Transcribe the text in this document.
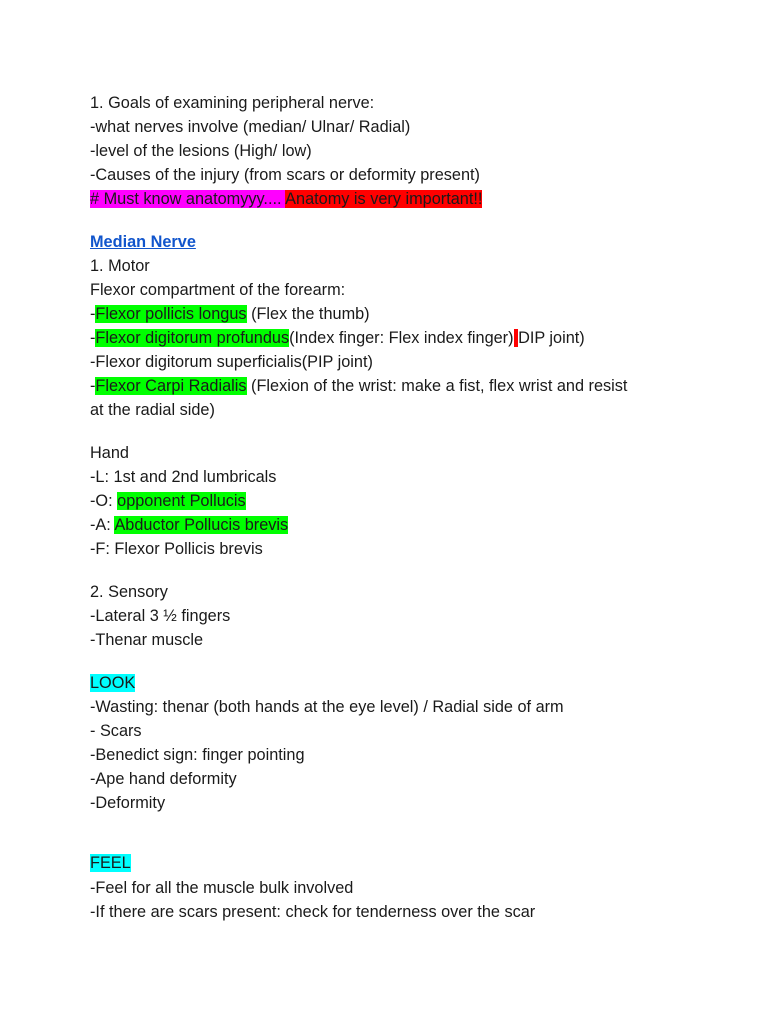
1. Goals of examining peripheral nerve:
-what nerves involve (median/ Ulnar/ Radial)
-level of the lesions (High/ low)
-Causes of the injury (from scars or deformity present)
# Must know anatomyyy.... Anatomy is very important!!
Median Nerve
1. Motor
Flexor compartment of the forearm:
-Flexor pollicis longus (Flex the thumb)
-Flexor digitorum profundus(Index finger: Flex index finger) DIP joint)
-Flexor digitorum superficialis(PIP joint)
-Flexor Carpi Radialis (Flexion of the wrist: make a fist, flex wrist and resist
at the radial side)
Hand
-L: 1st and 2nd lumbricals
-O: opponent Pollucis
-A: Abductor Pollucis brevis
-F: Flexor Pollicis brevis
2. Sensory
-Lateral 3 ½ fingers
-Thenar muscle
LOOK
-Wasting: thenar (both hands at the eye level) / Radial side of arm
- Scars
-Benedict sign: finger pointing
-Ape hand deformity
-Deformity
FEEL
-Feel for all the muscle bulk involved
-If there are scars present: check for tenderness over the scar
